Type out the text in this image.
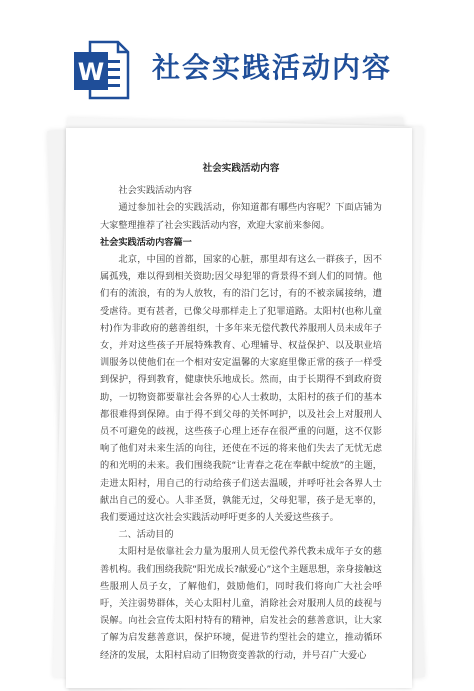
W 社会实践活动内容
社会实践活动内容

社会实践活动内容

通过参加社会的实践活动，你知道都有哪些内容呢？下面店铺为大家整理推荐了社会实践活动内容，欢迎大家前来参阅。

社会实践活动内容篇一

北京，中国的首都，国家的心脏，那里却有这么一群孩子，因不属孤残，难以得到相关资助;因父母犯罪的背景得不到人们的同情。他们有的流浪，有的为人放牧，有的沿门乞讨，有的不被亲属接纳，遭受虐待。更有甚者，已像父母那样走上了犯罪道路。太阳村(也称儿童村)作为非政府的慈善组织，十多年来无偿代教代养服刑人员未成年子女，并对这些孩子开展特殊教育、心理辅导、权益保护、以及职业培训服务以使他们在一个相对安定温馨的大家庭里像正常的孩子一样受到保护，得到教育，健康快乐地成长。然而，由于长期得不到政府资助，一切物资都要靠社会各界的心人士救助，太阳村的孩子们的基本都很难得到保障。由于得不到父母的关怀呵护，以及社会上对服刑人员不可避免的歧视，这些孩子心理上还存在很严重的问题，这不仅影响了他们对未来生活的向往，还使在不远的将来他们失去了无忧无虑的和光明的未来。我们围绕我院“让青春之花在奉献中绽放”的主题，走进太阳村，用自己的行动给孩子们送去温暖，并呼吁社会各界人士献出自己的爱心。人非圣贤，孰能无过，父母犯罪，孩子是无辜的，我们要通过这次社会实践活动呼吁更多的人关爱这些孩子。

二、活动目的

太阳村是依靠社会力量为服刑人员无偿代养代教未成年子女的慈善机构。我们围绕我院“阳光成长?献爱心”这个主题思想，亲身接触这些服刑人员子女，了解他们，鼓励他们，同时我们将向广大社会呼吁，关注弱势群体，关心太阳村儿童，消除社会对服刑人员的歧视与误解。向社会宣传太阳村特有的精神，启发社会的慈善意识，让大家了解为启发慈善意识，保护环境，促进节约型社会的建立，推动循环经济的发展，太阳村启动了旧物资变善款的行动，并号召广大爱心
